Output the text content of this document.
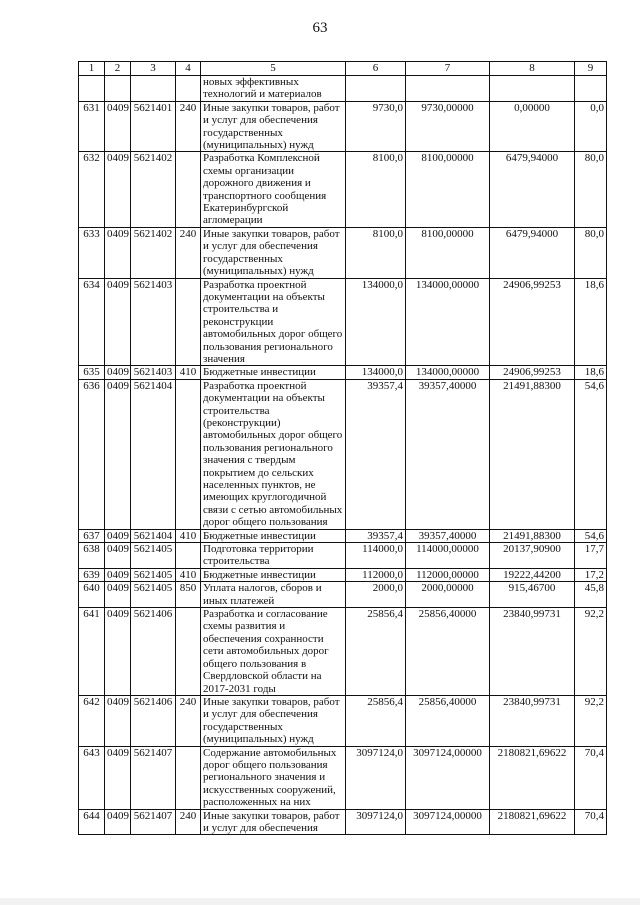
63
1	2	3	4	5	6	7	8	9
				новых эффективных технологий и материалов				
631	0409	5621401	240	Иные закупки товаров, работ и услуг для обеспечения государственных (муниципальных) нужд	9730,0	9730,00000	0,00000	0,0
632	0409	5621402		Разработка Комплексной схемы организации дорожного движения и транспортного сообщения Екатеринбургской агломерации	8100,0	8100,00000	6479,94000	80,0
633	0409	5621402	240	Иные закупки товаров, работ и услуг для обеспечения государственных (муниципальных) нужд	8100,0	8100,00000	6479,94000	80,0
634	0409	5621403		Разработка проектной документации на объекты строительства и реконструкции автомобильных дорог общего пользования регионального значения	134000,0	134000,00000	24906,99253	18,6
635	0409	5621403	410	Бюджетные инвестиции	134000,0	134000,00000	24906,99253	18,6
636	0409	5621404		Разработка проектной документации на объекты строительства (реконструкции) автомобильных дорог общего пользования регионального значения с твердым покрытием до сельских населенных пунктов, не имеющих круглогодичной связи с сетью автомобильных дорог общего пользования	39357,4	39357,40000	21491,88300	54,6
637	0409	5621404	410	Бюджетные инвестиции	39357,4	39357,40000	21491,88300	54,6
638	0409	5621405		Подготовка территории строительства	114000,0	114000,00000	20137,90900	17,7
639	0409	5621405	410	Бюджетные инвестиции	112000,0	112000,00000	19222,44200	17,2
640	0409	5621405	850	Уплата налогов, сборов и иных платежей	2000,0	2000,00000	915,46700	45,8
641	0409	5621406		Разработка и согласование схемы развития и обеспечения сохранности сети автомобильных дорог общего пользования в Свердловской области на 2017-2031 годы	25856,4	25856,40000	23840,99731	92,2
642	0409	5621406	240	Иные закупки товаров, работ и услуг для обеспечения государственных (муниципальных) нужд	25856,4	25856,40000	23840,99731	92,2
643	0409	5621407		Содержание автомобильных дорог общего пользования регионального значения и искусственных сооружений, расположенных на них	3097124,0	3097124,00000	2180821,69622	70,4
644	0409	5621407	240	Иные закупки товаров, работ и услуг для обеспечения	3097124,0	3097124,00000	2180821,69622	70,4
